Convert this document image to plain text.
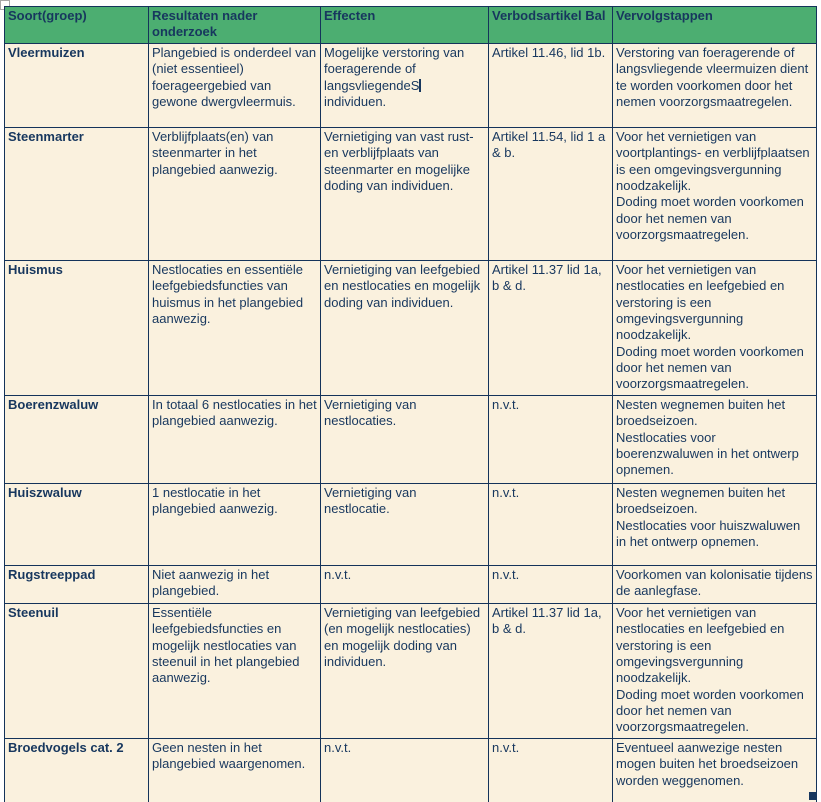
Soort(groep)	Resultaten nader onderzoek	Effecten	Verbodsartikel Bal	Vervolgstappen
Vleermuizen	Plangebied is onderdeel van (niet essentieel) foerageergebied van gewone dwergvleermuis.	Mogelijke verstoring van foeragerende of langsvliegendeS individuen.	Artikel 11.46, lid 1b.	Verstoring van foeragerende of langsvliegende vleermuizen dient te worden voorkomen door het nemen voorzorgsmaatregelen.

Steenmarter	Verblijfplaats(en) van steenmarter in het plangebied aanwezig.	Vernietiging van vast rust- en verblijfplaats van steenmarter en mogelijke doding van individuen.	Artikel 11.54, lid 1 a & b.	Voor het vernietigen van voortplantings- en verblijfplaatsen is een omgevingsvergunning noodzakelijk.
Doding moet worden voorkomen door het nemen van voorzorgsmaatregelen.

Huismus	Nestlocaties en essentiële leefgebiedsfuncties van huismus in het plangebied aanwezig.	Vernietiging van leefgebied en nestlocaties en mogelijk doding van individuen.	Artikel 11.37 lid 1a, b & d.	Voor het vernietigen van nestlocaties en leefgebied en verstoring is een omgevingsvergunning noodzakelijk.
Doding moet worden voorkomen door het nemen van voorzorgsmaatregelen.

Boerenzwaluw	In totaal 6 nestlocaties in het plangebied aanwezig.	Vernietiging van nestlocaties.	n.v.t.	Nesten wegnemen buiten het broedseizoen.
Nestlocaties voor boerenzwaluwen in het ontwerp opnemen.

Huiszwaluw	1 nestlocatie in het plangebied aanwezig.	Vernietiging van nestlocatie.	n.v.t.	Nesten wegnemen buiten het broedseizoen.
Nestlocaties voor huiszwaluwen in het ontwerp opnemen.

Rugstreeppad	Niet aanwezig in het plangebied.	n.v.t.	n.v.t.	Voorkomen van kolonisatie tijdens de aanlegfase.

Steenuil	Essentiële leefgebiedsfuncties en mogelijk nestlocaties van steenuil in het plangebied aanwezig.	Vernietiging van leefgebied (en mogelijk nestlocaties) en mogelijk doding van individuen.	Artikel 11.37 lid 1a, b & d.	Voor het vernietigen van nestlocaties en leefgebied en verstoring is een omgevingsvergunning noodzakelijk.
Doding moet worden voorkomen door het nemen van voorzorgsmaatregelen.

Broedvogels cat. 2	Geen nesten in het plangebied waargenomen.	n.v.t.	n.v.t.	Eventueel aanwezige nesten mogen buiten het broedseizoen worden weggenomen.
